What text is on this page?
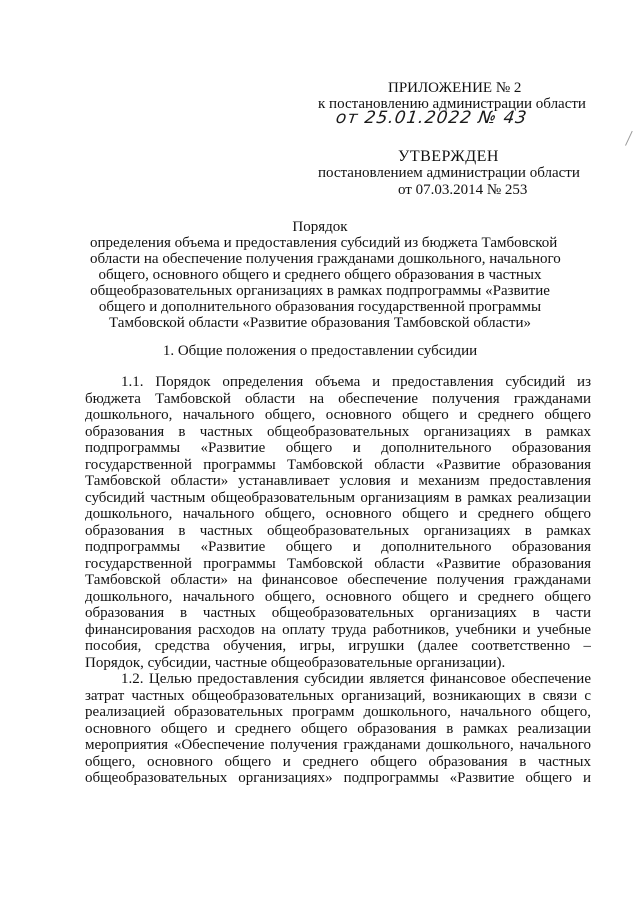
ПРИЛОЖЕНИЕ № 2
к постановлению администрации области
от 25.01.2022 № 43
УТВЕРЖДЕН
постановлением администрации области
от 07.03.2014 № 253
Порядок
определения объема и предоставления субсидий из бюджета Тамбовской
области на обеспечение получения гражданами дошкольного, начального
общего, основного общего и среднего общего образования в частных
общеобразовательных организациях в рамках подпрограммы «Развитие
общего и дополнительного образования государственной программы
Тамбовской области «Развитие образования Тамбовской области»
1. Общие положения о предоставлении субсидии
1.1. Порядок определения объема и предоставления субсидий из
бюджета Тамбовской области на обеспечение получения гражданами
дошкольного, начального общего, основного общего и среднего общего
образования в частных общеобразовательных организациях в рамках
подпрограммы «Развитие общего и дополнительного образования
государственной программы Тамбовской области «Развитие образования
Тамбовской области» устанавливает условия и механизм предоставления
субсидий частным общеобразовательным организациям в рамках реализации
дошкольного, начального общего, основного общего и среднего общего
образования в частных общеобразовательных организациях в рамках
подпрограммы «Развитие общего и дополнительного образования
государственной программы Тамбовской области «Развитие образования
Тамбовской области» на финансовое обеспечение получения гражданами
дошкольного, начального общего, основного общего и среднего общего
образования в частных общеобразовательных организациях в части
финансирования расходов на оплату труда работников, учебники и учебные
пособия, средства обучения, игры, игрушки (далее соответственно –
Порядок, субсидии, частные общеобразовательные организации).
1.2. Целью предоставления субсидии является финансовое обеспечение
затрат частных общеобразовательных организаций, возникающих в связи с
реализацией образовательных программ дошкольного, начального общего,
основного общего и среднего общего образования в рамках реализации
мероприятия «Обеспечение получения гражданами дошкольного, начального
общего, основного общего и среднего общего образования в частных
общеобразовательных организациях» подпрограммы «Развитие общего и
